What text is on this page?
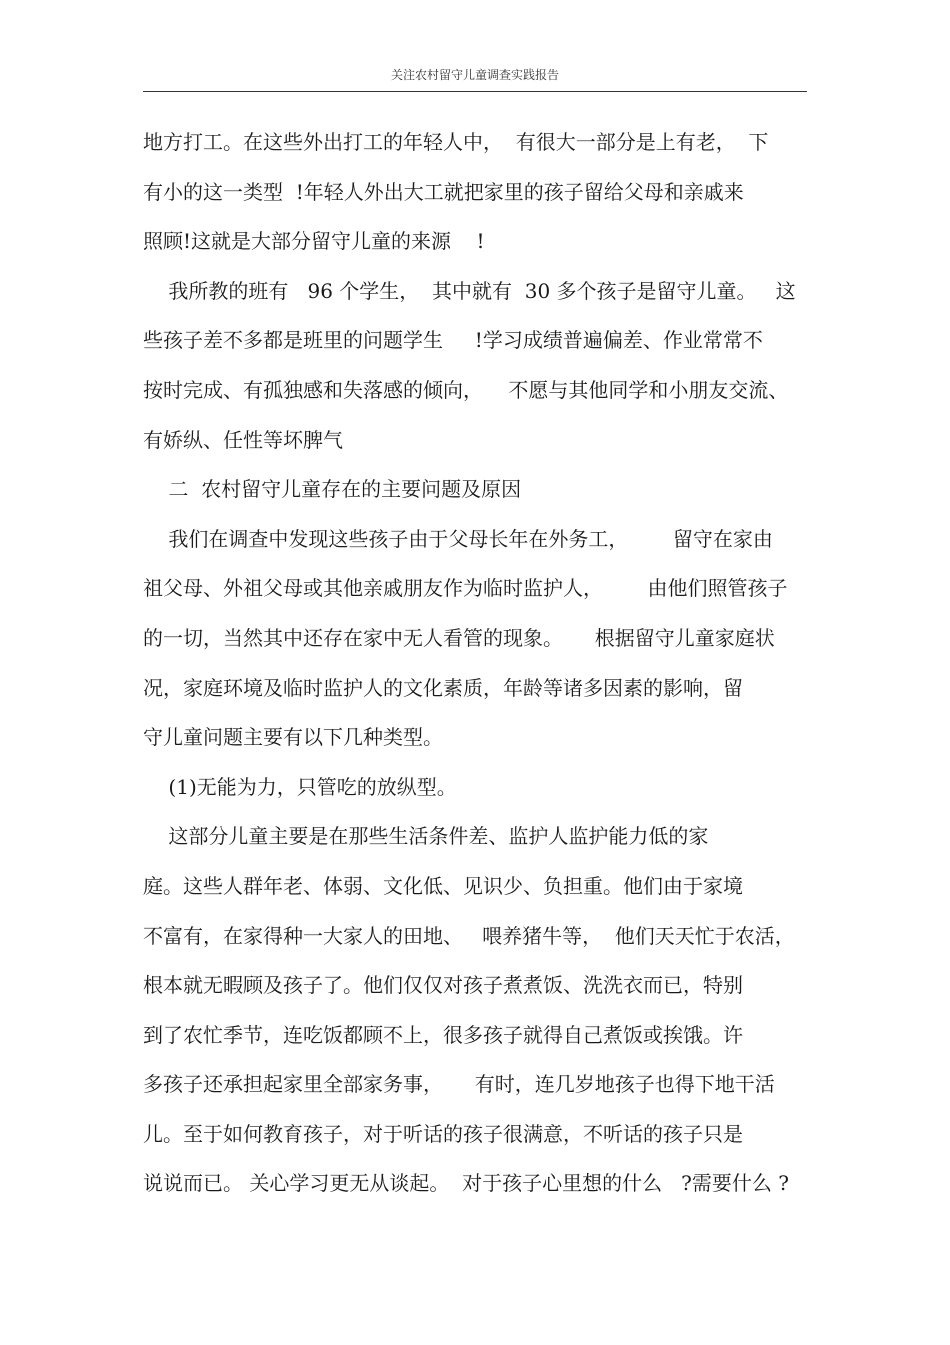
关注农村留守儿童调查实践报告
地方打工。在这些外出打工的年轻人中，  有很大一部分是上有老，  下
有小的这一类型  !年轻人外出大工就把家里的孩子留给父母和亲戚来
照顾!这就是大部分留守儿童的来源    !
我所教的班有   96 个学生，  其中就有  30 多个孩子是留守儿童。   这
些孩子差不多都是班里的问题学生     !学习成绩普遍偏差、作业常常不
按时完成、有孤独感和失落感的倾向，    不愿与其他同学和小朋友交流、
有娇纵、任性等坏脾气
二  农村留守儿童存在的主要问题及原因
我们在调查中发现这些孩子由于父母长年在外务工，       留守在家由
祖父母、外祖父母或其他亲戚朋友作为临时监护人，       由他们照管孩子
的一切，当然其中还存在家中无人看管的现象。     根据留守儿童家庭状
况，家庭环境及临时监护人的文化素质，年龄等诸多因素的影响，留
守儿童问题主要有以下几种类型。
(1)无能为力，只管吃的放纵型。
这部分儿童主要是在那些生活条件差、监护人监护能力低的家
庭。这些人群年老、体弱、文化低、见识少、负担重。他们由于家境
不富有，在家得种一大家人的田地、   喂养猪牛等，  他们天天忙于农活，
根本就无暇顾及孩子了。他们仅仅对孩子煮煮饭、洗洗衣而已，特别
到了农忙季节，连吃饭都顾不上，很多孩子就得自己煮饭或挨饿。许
多孩子还承担起家里全部家务事，     有时，连几岁地孩子也得下地干活
儿。至于如何教育孩子，对于听话的孩子很满意，不听话的孩子只是
说说而已。 关心学习更无从谈起。  对于孩子心里想的什么   ?需要什么 ?
